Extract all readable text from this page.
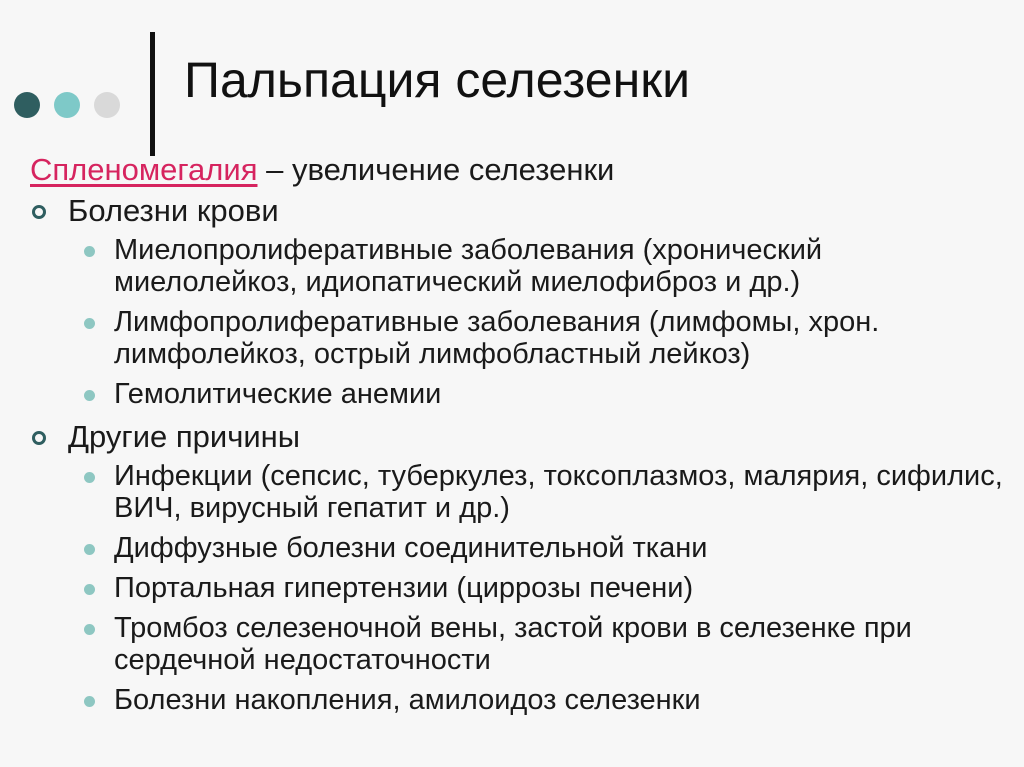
Пальпация селезенки
Спленомегалия – увеличение селезенки
Болезни крови
Миелопролиферативные заболевания (хронический миелолейкоз, идиопатический миелофиброз и др.)
Лимфопролиферативные заболевания (лимфомы, хрон. лимфолейкоз, острый лимфобластный лейкоз)
Гемолитические анемии
Другие причины
Инфекции (сепсис, туберкулез, токсоплазмоз, малярия, сифилис, ВИЧ, вирусный гепатит и др.)
Диффузные болезни соединительной ткани
Портальная гипертензии (циррозы печени)
Тромбоз селезеночной вены, застой крови в селезенке при сердечной недостаточности
Болезни накопления, амилоидоз селезенки
